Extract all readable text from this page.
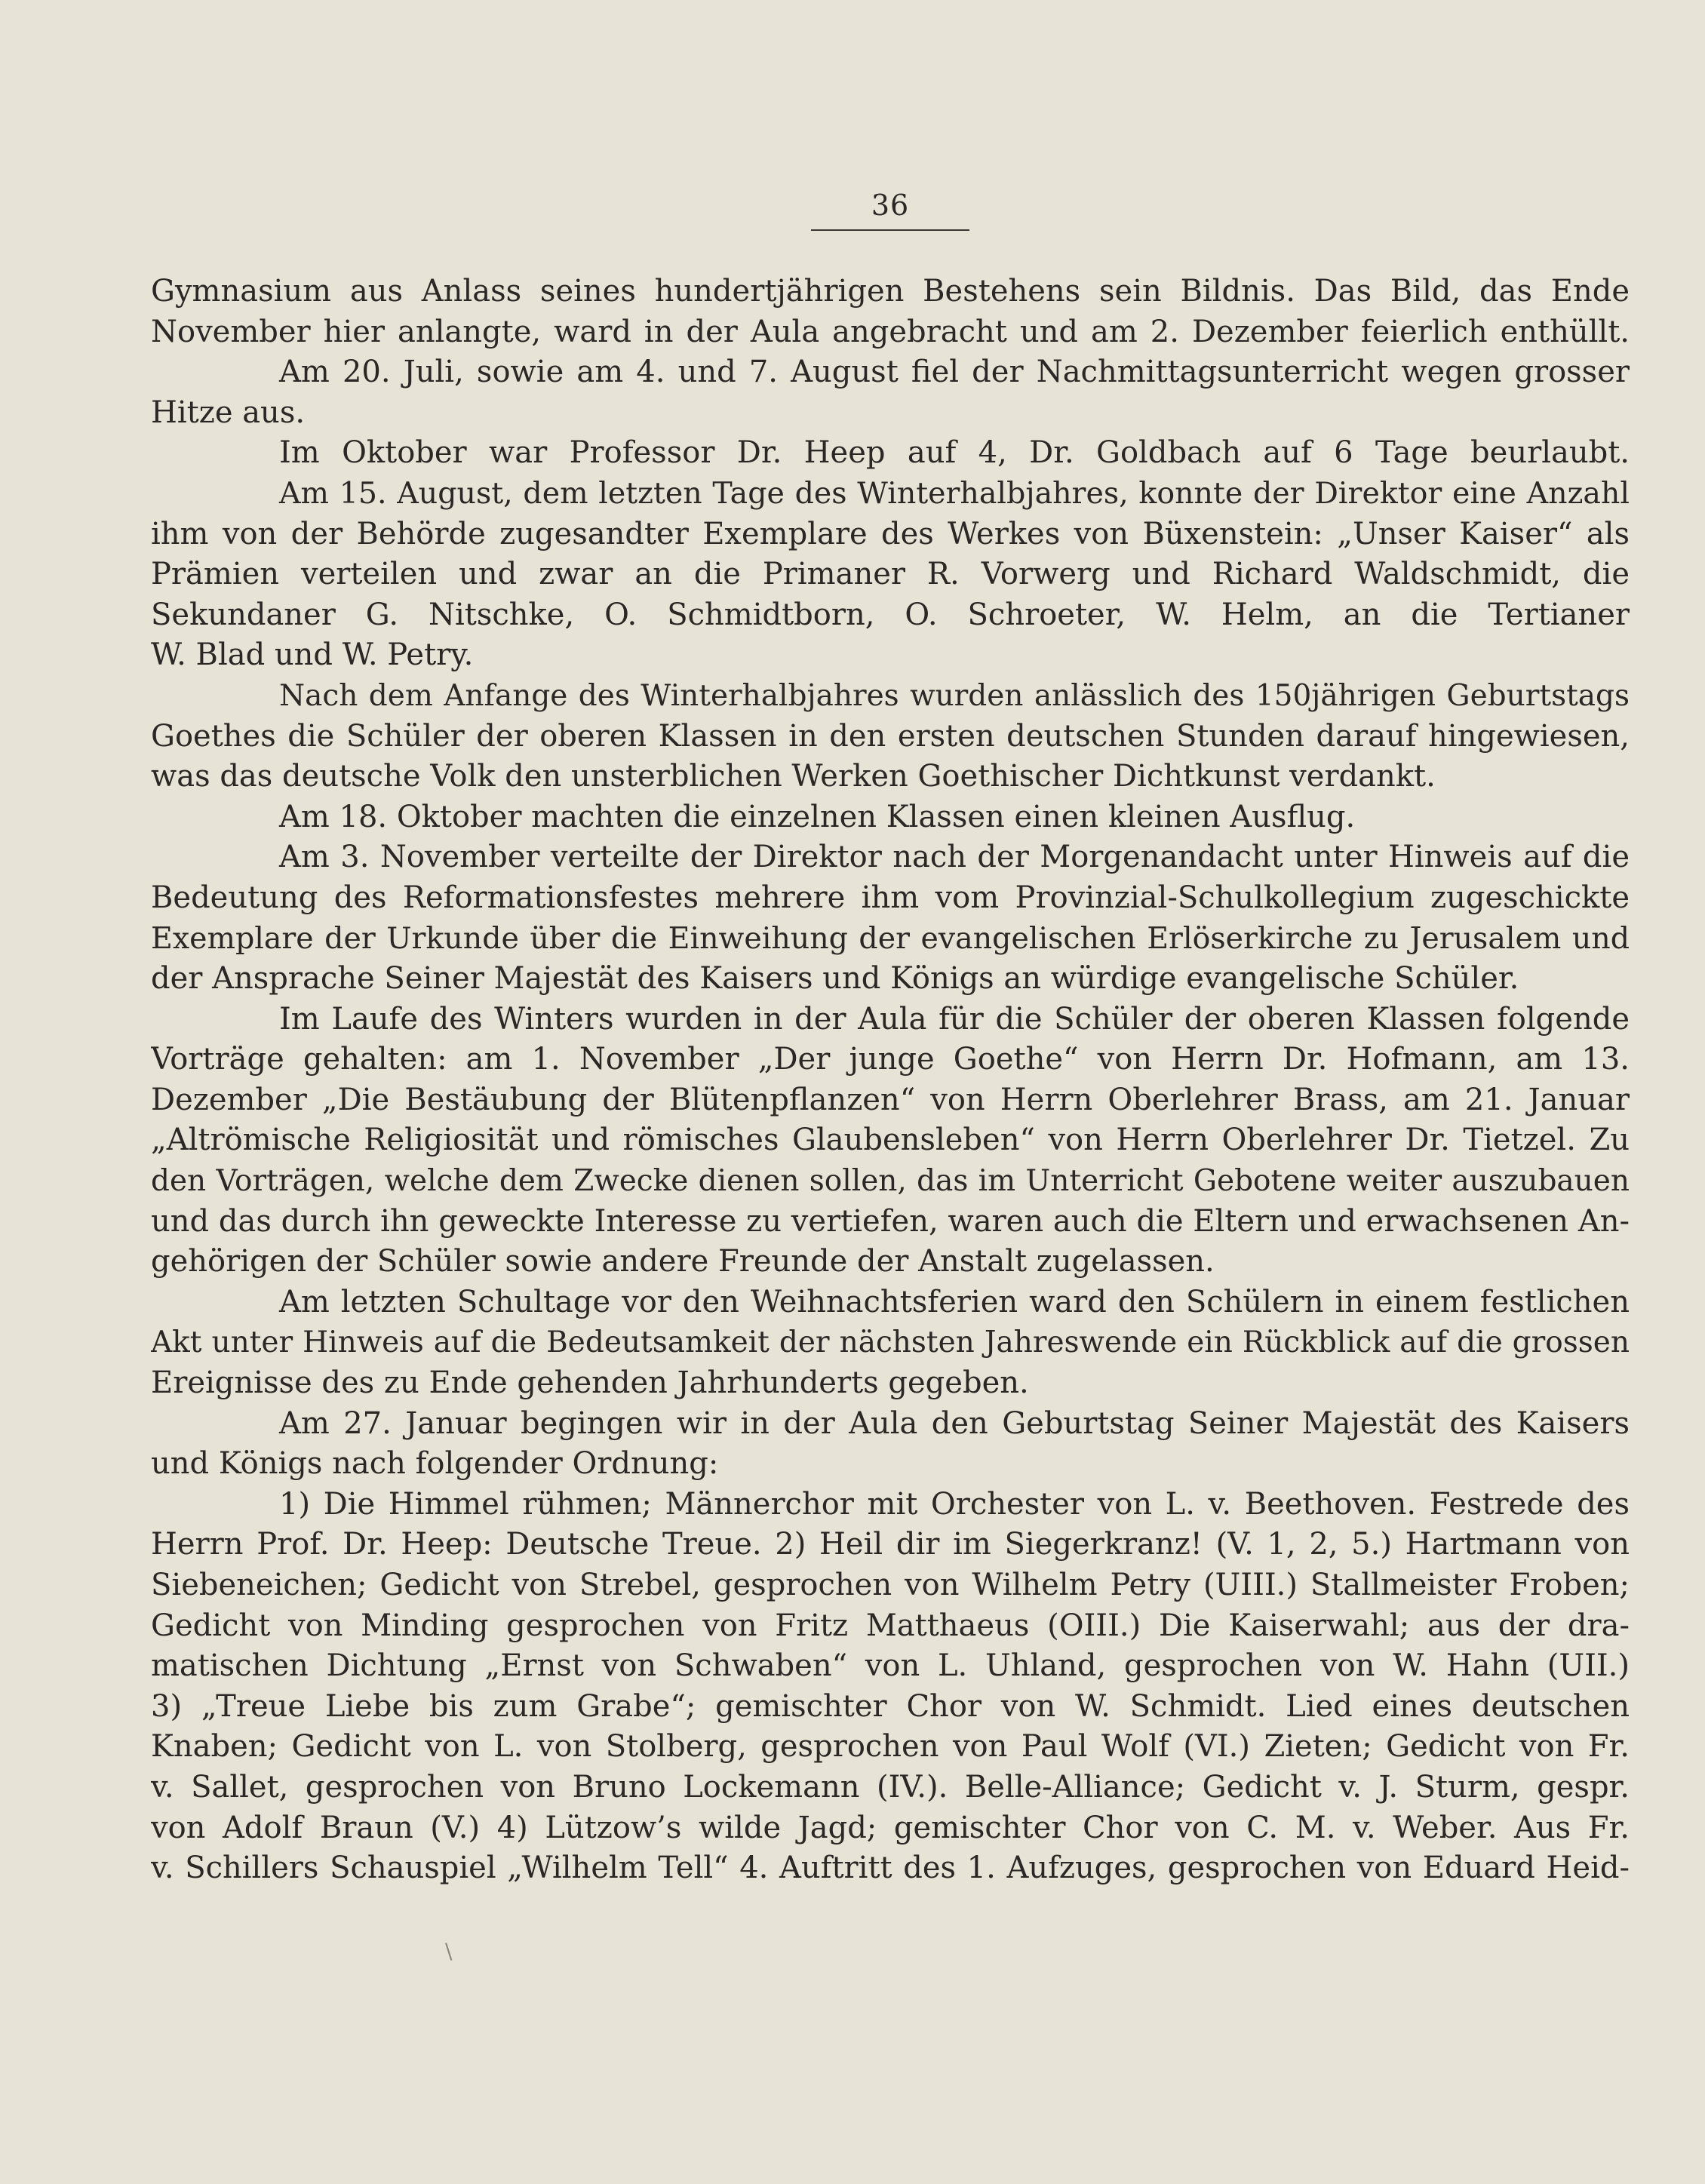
36
Gymnasium aus Anlass seines hundertjährigen Bestehens sein Bildnis. Das Bild, das Ende
November hier anlangte, ward in der Aula angebracht und am 2. Dezember feierlich enthüllt.
Am 20. Juli, sowie am 4. und 7. August fiel der Nachmittagsunterricht wegen grosser
Hitze aus.
Im Oktober war Professor Dr. Heep auf 4, Dr. Goldbach auf 6 Tage beurlaubt.
Am 15. August, dem letzten Tage des Winterhalbjahres, konnte der Direktor eine Anzahl
ihm von der Behörde zugesandter Exemplare des Werkes von Büxenstein: „Unser Kaiser“ als
Prämien verteilen und zwar an die Primaner R. Vorwerg und Richard Waldschmidt, die
Sekundaner G. Nitschke, O. Schmidtborn, O. Schroeter, W. Helm, an die Tertianer
W. Blad und W. Petry.
Nach dem Anfange des Winterhalbjahres wurden anlässlich des 150jährigen Geburtstags
Goethes die Schüler der oberen Klassen in den ersten deutschen Stunden darauf hingewiesen,
was das deutsche Volk den unsterblichen Werken Goethischer Dichtkunst verdankt.
Am 18. Oktober machten die einzelnen Klassen einen kleinen Ausflug.
Am 3. November verteilte der Direktor nach der Morgenandacht unter Hinweis auf die
Bedeutung des Reformationsfestes mehrere ihm vom Provinzial-Schulkollegium zugeschickte
Exemplare der Urkunde über die Einweihung der evangelischen Erlöserkirche zu Jerusalem und
der Ansprache Seiner Majestät des Kaisers und Königs an würdige evangelische Schüler.
Im Laufe des Winters wurden in der Aula für die Schüler der oberen Klassen folgende
Vorträge gehalten: am 1. November „Der junge Goethe“ von Herrn Dr. Hofmann, am 13.
Dezember „Die Bestäubung der Blütenpflanzen“ von Herrn Oberlehrer Brass, am 21. Januar
„Altrömische Religiosität und römisches Glaubensleben“ von Herrn Oberlehrer Dr. Tietzel. Zu
den Vorträgen, welche dem Zwecke dienen sollen, das im Unterricht Gebotene weiter auszubauen
und das durch ihn geweckte Interesse zu vertiefen, waren auch die Eltern und erwachsenen An-
gehörigen der Schüler sowie andere Freunde der Anstalt zugelassen.
Am letzten Schultage vor den Weihnachtsferien ward den Schülern in einem festlichen
Akt unter Hinweis auf die Bedeutsamkeit der nächsten Jahreswende ein Rückblick auf die grossen
Ereignisse des zu Ende gehenden Jahrhunderts gegeben.
Am 27. Januar begingen wir in der Aula den Geburtstag Seiner Majestät des Kaisers
und Königs nach folgender Ordnung:
1) Die Himmel rühmen; Männerchor mit Orchester von L. v. Beethoven. Festrede des
Herrn Prof. Dr. Heep: Deutsche Treue. 2) Heil dir im Siegerkranz! (V. 1, 2, 5.) Hartmann von
Siebeneichen; Gedicht von Strebel, gesprochen von Wilhelm Petry (UIII.) Stallmeister Froben;
Gedicht von Minding gesprochen von Fritz Matthaeus (OIII.) Die Kaiserwahl; aus der dra-
matischen Dichtung „Ernst von Schwaben“ von L. Uhland, gesprochen von W. Hahn (UII.)
3) „Treue Liebe bis zum Grabe“; gemischter Chor von W. Schmidt. Lied eines deutschen
Knaben; Gedicht von L. von Stolberg, gesprochen von Paul Wolf (VI.) Zieten; Gedicht von Fr.
v. Sallet, gesprochen von Bruno Lockemann (IV.). Belle-Alliance; Gedicht v. J. Sturm, gespr.
von Adolf Braun (V.) 4) Lützow’s wilde Jagd; gemischter Chor von C. M. v. Weber. Aus Fr.
v. Schillers Schauspiel „Wilhelm Tell“ 4. Auftritt des 1. Aufzuges, gesprochen von Eduard Heid-
\
